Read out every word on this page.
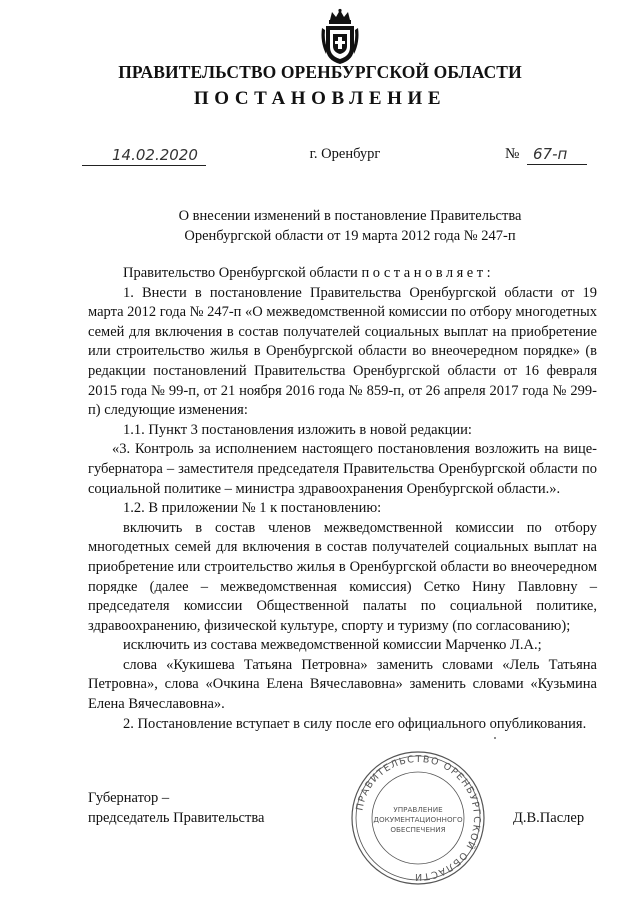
ПРАВИТЕЛЬСТВО ОРЕНБУРГСКОЙ ОБЛАСТИ
ПОСТАНОВЛЕНИЕ
14.02.2020	г. Оренбург	№ 67-п
О внесении изменений в постановление Правительства
Оренбургской области от 19 марта 2012 года № 247-п

Правительство Оренбургской области постановляет:

1. Внести в постановление Правительства Оренбургской области от 19 марта 2012 года № 247-п «О межведомственной комиссии по отбору многодетных семей для включения в состав получателей социальных выплат на приобретение или строительство жилья в Оренбургской области во внеочередном порядке» (в редакции постановлений Правительства Оренбургской области от 16 февраля 2015 года № 99-п, от 21 ноября 2016 года № 859-п, от 26 апреля 2017 года № 299-п) следующие изменения:

1.1. Пункт 3 постановления изложить в новой редакции:

«3. Контроль за исполнением настоящего постановления возложить на вице-губернатора – заместителя председателя Правительства Оренбургской области по социальной политике – министра здравоохранения Оренбургской области.».

1.2. В приложении № 1 к постановлению:

включить в состав членов межведомственной комиссии по отбору многодетных семей для включения в состав получателей социальных выплат на приобретение или строительство жилья в Оренбургской области во внеочередном порядке (далее – межведомственная комиссия) Сетко Нину Павловну – председателя комиссии Общественной палаты по социальной политике, здравоохранению, физической культуре, спорту и туризму (по согласованию);

исключить из состава межведомственной комиссии Марченко Л.А.;

слова «Кукишева Татьяна Петровна» заменить словами «Лель Татьяна Петровна», слова «Очкина Елена Вячеславовна» заменить словами «Кузьмина Елена Вячеславовна».

2. Постановление вступает в силу после его официального опубликования.

Губернатор –
председатель Правительства
ПРАВИТЕЛЬСТВО ОРЕНБУРГСКОЙ ОБЛАСТИ
УПРАВЛЕНИЕ
ДОКУМЕНТАЦИОННОГО
ОБЕСПЕЧЕНИЯ
Д.В.Паслер
